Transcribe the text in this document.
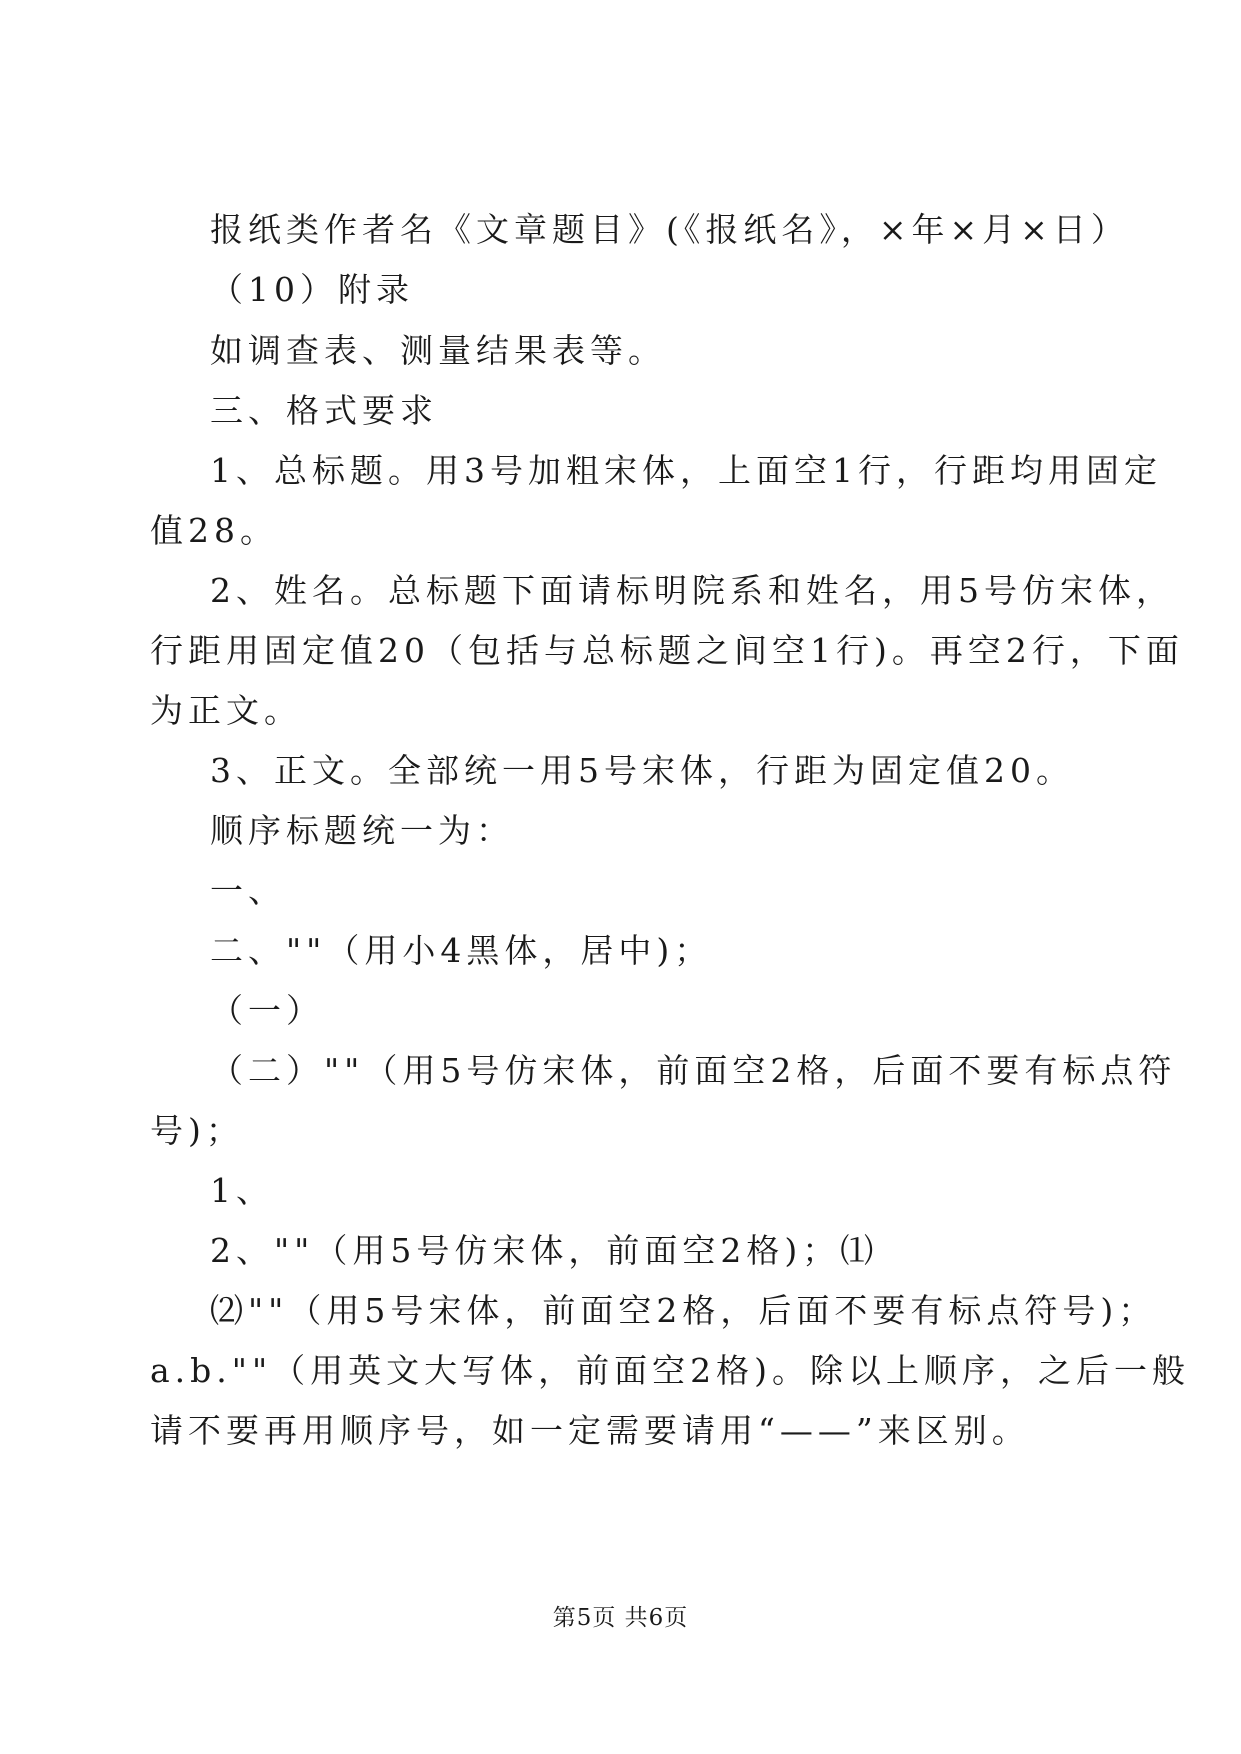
报纸类作者名《文章题目》(《报纸名》，×年×月×日）
（10）附录
如调查表、测量结果表等。
三、格式要求
1、总标题。用3号加粗宋体，上面空1行，行距均用固定
值28。
2、姓名。总标题下面请标明院系和姓名，用5号仿宋体，
行距用固定值20（包括与总标题之间空1行)。再空2行，下面
为正文。
3、正文。全部统一用5号宋体，行距为固定值20。
顺序标题统一为：
一、
二、""（用小4黑体，居中)；
（一）
（二）""（用5号仿宋体，前面空2格，后面不要有标点符
号)；
1、
2、""（用5号仿宋体，前面空2格)；⑴
⑵""（用5号宋体，前面空2格，后面不要有标点符号)；
a.b.""（用英文大写体，前面空2格)。除以上顺序，之后一般
请不要再用顺序号，如一定需要请用“——”来区别。
第5页 共6页
